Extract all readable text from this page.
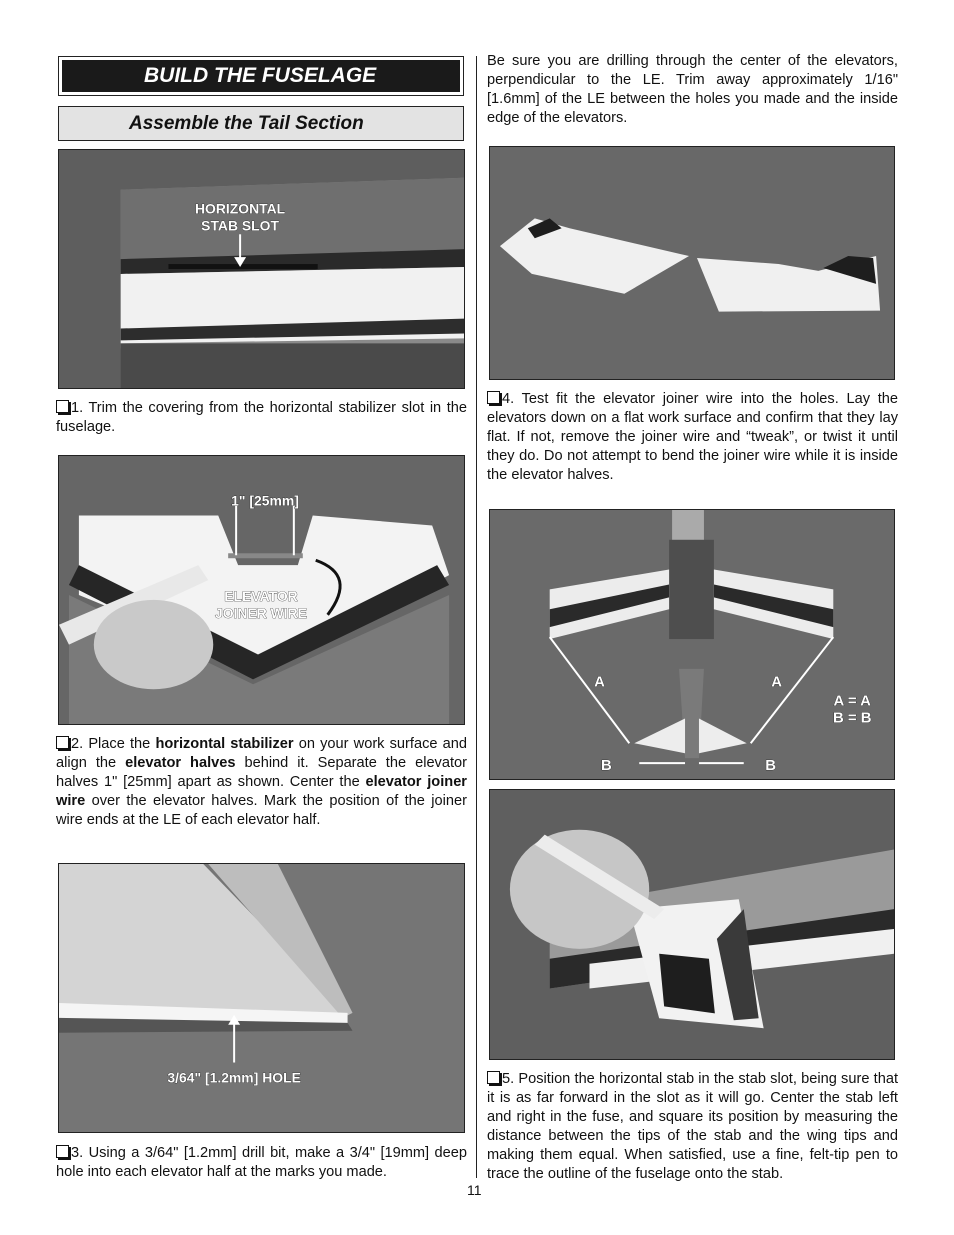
BUILD THE FUSELAGE
Assemble the Tail Section
HORIZONTAL
STAB SLOT
1. Trim the covering from the horizontal stabilizer slot in the fuselage.
1" [25mm]
ELEVATOR
JOINER WIRE
2. Place the horizontal stabilizer on your work surface and align the elevator halves behind it. Separate the elevator halves 1" [25mm] apart as shown. Center the elevator joiner wire over the elevator halves. Mark the position of the joiner wire ends at the LE of each elevator half.
3/64" [1.2mm] HOLE
3. Using a 3/64" [1.2mm] drill bit, make a 3/4" [19mm] deep hole into each elevator half at the marks you made.
Be sure you are drilling through the center of the elevators, perpendicular to the LE. Trim away approximately 1/16" [1.6mm] of the LE between the holes you made and the inside edge of the elevators.
4. Test fit the elevator joiner wire into the holes. Lay the elevators down on a flat work surface and confirm that they lay flat. If not, remove the joiner wire and “tweak”, or twist it until they do. Do not attempt to bend the joiner wire while it is inside the elevator halves.
A	A
B	B
A = A
B = B
5. Position the horizontal stab in the stab slot, being sure that it is as far forward in the slot as it will go. Center the stab left and right in the fuse, and square its position by measuring the distance between the tips of the stab and the wing tips and making them equal. When satisfied, use a fine, felt-tip pen to trace the outline of the fuselage onto the stab.
11
